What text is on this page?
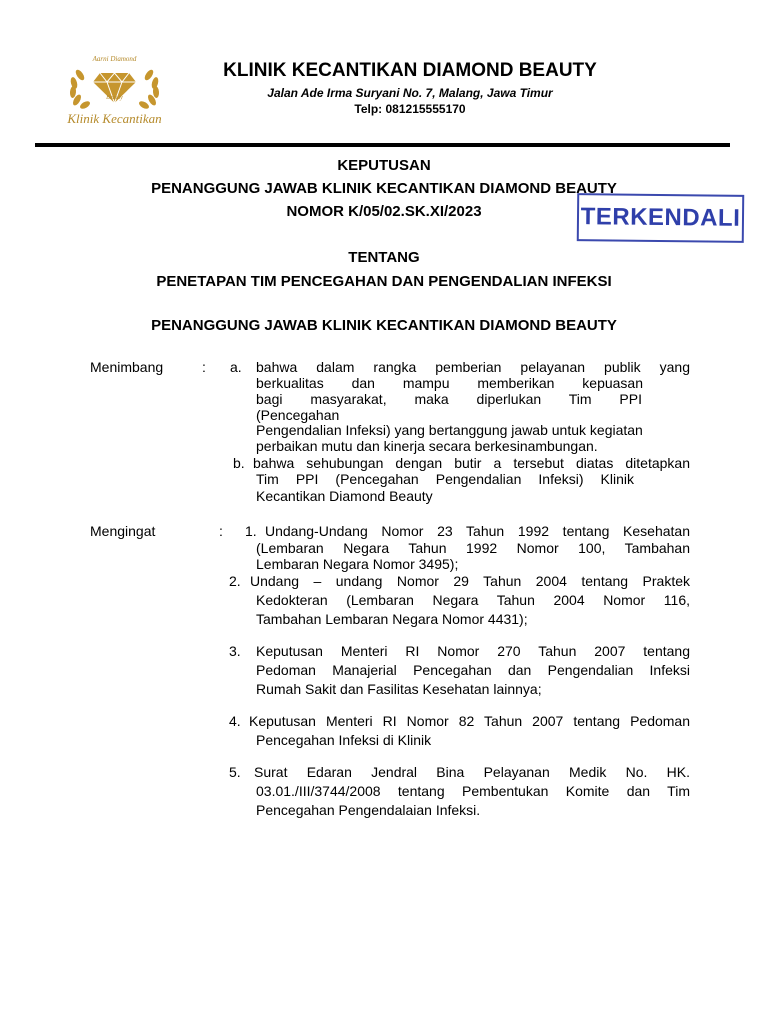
Aarni Diamond
Beauty
Klinik Kecantikan
KLINIK KECANTIKAN DIAMOND BEAUTY
Jalan Ade Irma Suryani No. 7, Malang, Jawa Timur
Telp: 081215555170
KEPUTUSAN
PENANGGUNG JAWAB KLINIK KECANTIKAN DIAMOND BEAUTY
NOMOR K/05/02.SK.XI/2023
TENTANG
PENETAPAN TIM PENCEGAHAN DAN PENGENDALIAN INFEKSI
PENANGGUNG JAWAB KLINIK KECANTIKAN DIAMOND BEAUTY
TERKENDALI
Menimbang	: a. bahwa dalam rangka pemberian pelayanan publik yang
berkualitas dan mampu memberikan kepuasan
bagi masyarakat, maka diperlukan Tim PPI
(Pencegahan
Pengendalian Infeksi) yang bertanggung jawab untuk kegiatan
perbaikan mutu dan kinerja secara berkesinambungan.
b. bahwa sehubungan dengan butir a tersebut diatas ditetapkan
Tim PPI (Pencegahan Pengendalian Infeksi) Klinik
Kecantikan Diamond Beauty
Mengingat	: 1. Undang-Undang Nomor 23 Tahun 1992 tentang Kesehatan
(Lembaran Negara Tahun 1992 Nomor 100, Tambahan
Lembaran Negara Nomor 3495);
2. Undang – undang Nomor 29 Tahun 2004 tentang Praktek
Kedokteran (Lembaran Negara Tahun 2004 Nomor 116,
Tambahan Lembaran Negara Nomor 4431);
3. Keputusan Menteri RI Nomor 270 Tahun 2007 tentang
Pedoman Manajerial Pencegahan dan Pengendalian Infeksi
Rumah Sakit dan Fasilitas Kesehatan lainnya;
4. Keputusan Menteri RI Nomor 82 Tahun 2007 tentang Pedoman
Pencegahan Infeksi di Klinik
5. Surat Edaran Jendral Bina Pelayanan Medik No. HK.
03.01./III/3744/2008 tentang Pembentukan Komite dan Tim
Pencegahan Pengendalaian Infeksi.
